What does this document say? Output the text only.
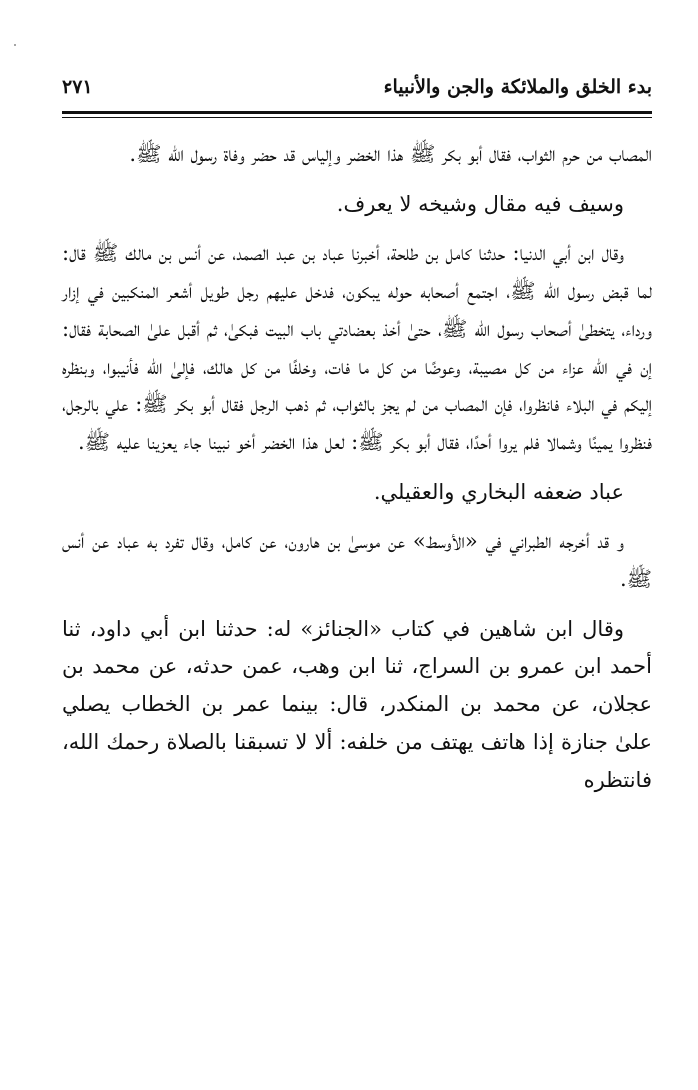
بدء الخلق والملائكة والجن والأنبياء
٢٧١

المصاب من حرم الثواب، فقال أبو بكر ﷺ هذا الخضر وإلياس قد حضر وفاة رسول الله ﷺ.

وسيف فيه مقال وشيخه لا يعرف.

وقال ابن أبي الدنيا: حدثنا كامل بن طلحة، أخبرنا عباد بن عبد الصمد، عن أنس بن مالك ﷺ قال: لما قبض رسول الله ﷺ، اجتمع أصحابه حوله يبكون، فدخل عليهم رجل طويل أشعر المنكبين في إزار ورداء، يتخطىٰ أصحاب رسول الله ﷺ، حتىٰ أخذ بعضادتي باب البيت فبكىٰ، ثم أقبل علىٰ الصحابة فقال: إن في الله عزاء من كل مصيبة، وعوضًا من كل ما فات، وخلفًا من كل هالك، فإلىٰ الله فأنيبوا، وبنظره إليكم في البلاء فانظروا، فإن المصاب من لم يجز بالثواب، ثم ذهب الرجل فقال أبو بكر ﷺ: علي بالرجل، فنظروا يمينًا وشمالا فلم يروا أحدًا، فقال أبو بكر ﷺ: لعل هذا الخضر أخو نبينا جاء يعزينا عليه ﷺ.

عباد ضعفه البخاري والعقيلي.

و قد أخرجه الطبراني في «الأوسط» عن موسىٰ بن هارون، عن كامل، وقال تفرد به عباد عن أنس ﷺ.

وقال ابن شاهين في كتاب «الجنائز» له: حدثنا ابن أبي داود، ثنا أحمد ابن عمرو بن السراج، ثنا ابن وهب، عمن حدثه، عن محمد بن عجلان، عن محمد بن المنكدر، قال: بينما عمر بن الخطاب يصلي علىٰ جنازة إذا هاتف يهتف من خلفه: ألا لا تسبقنا بالصلاة رحمك الله، فانتظره
